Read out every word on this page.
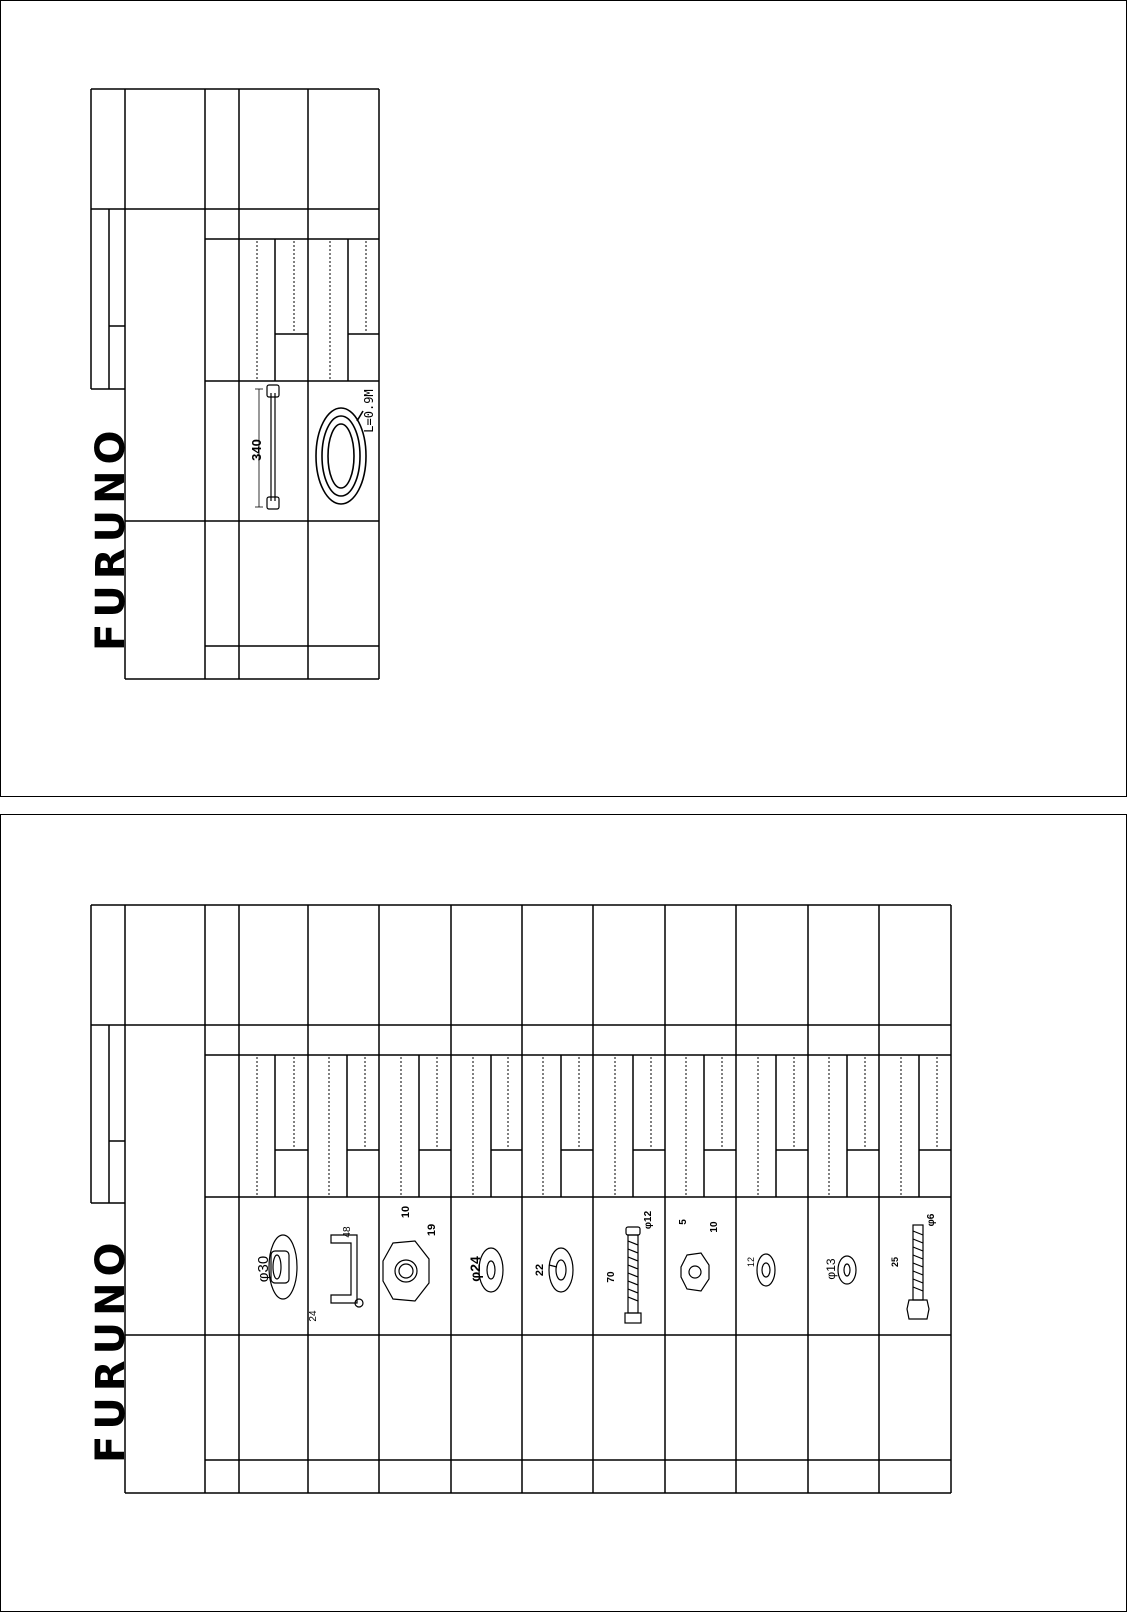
FURUNO	340
L=0.9M
FURUNO	φ30
24
48
10
19
φ24	22
70
φ12	5	10
12	φ13	25
φ6
